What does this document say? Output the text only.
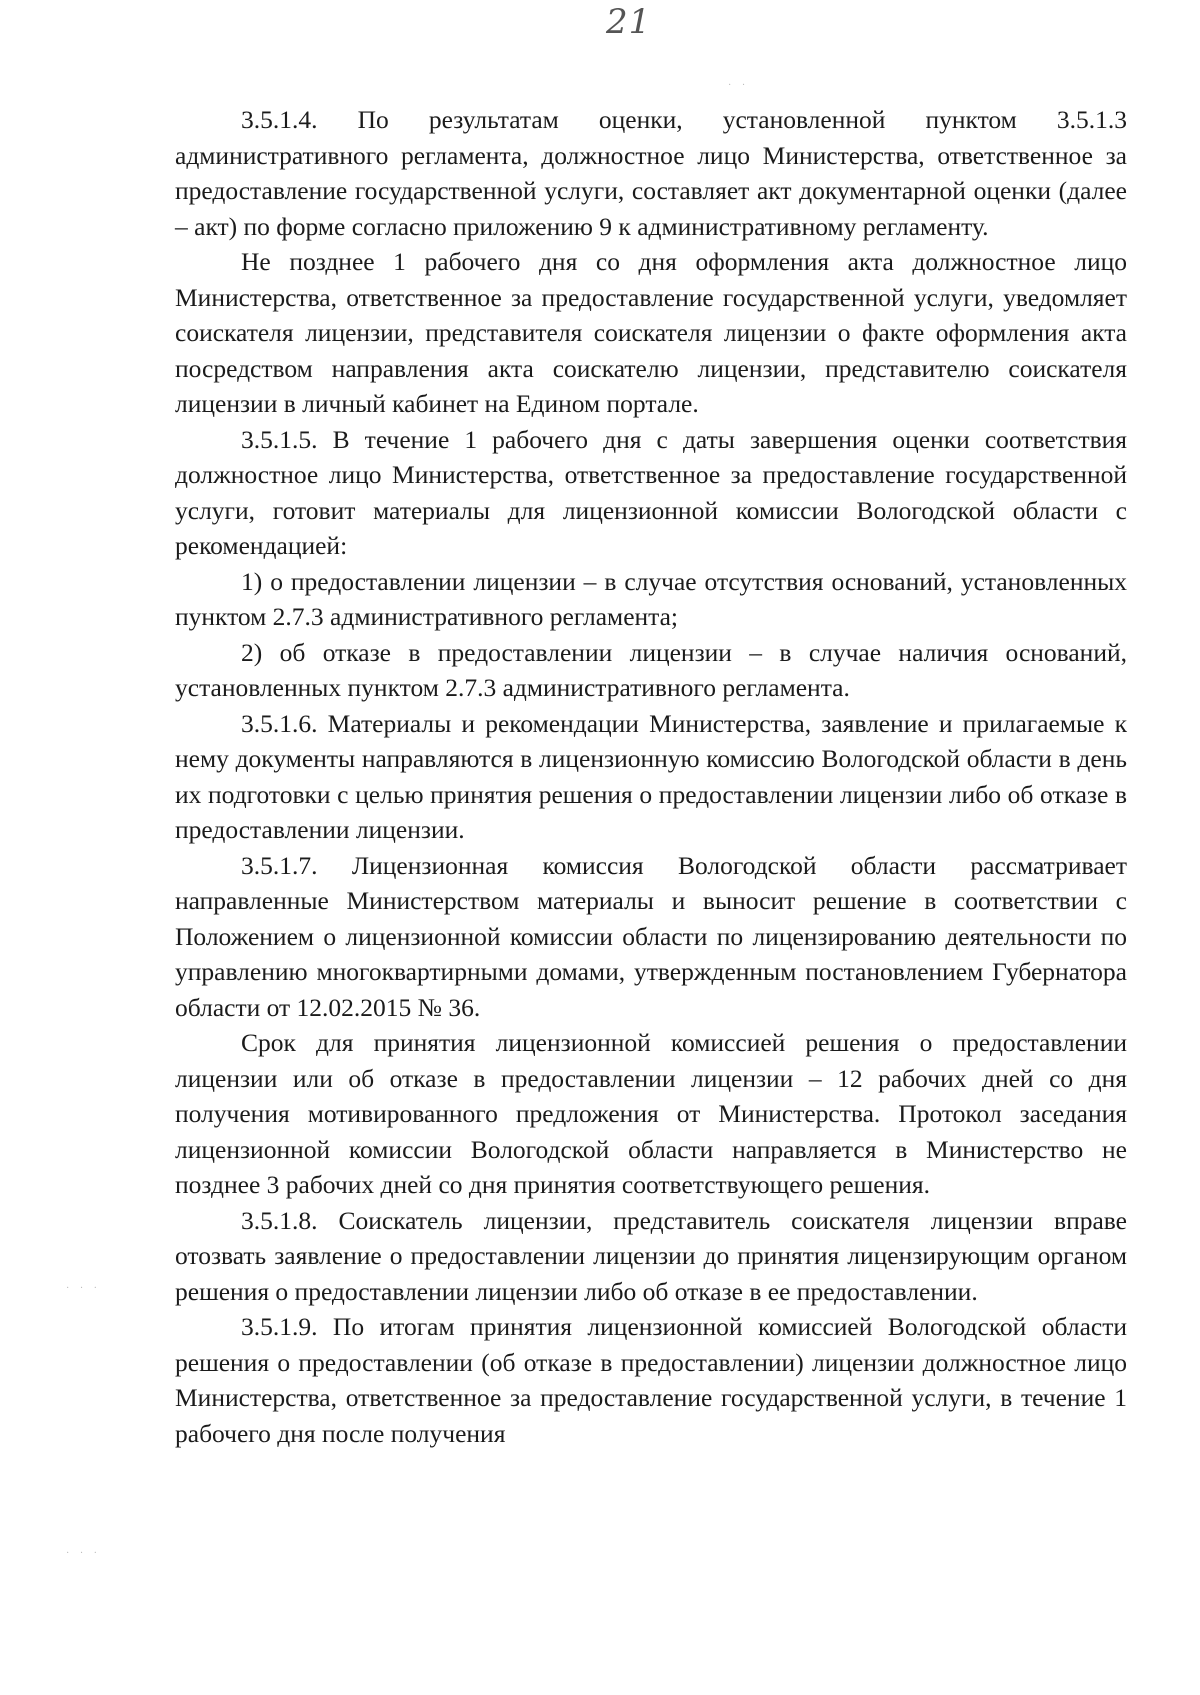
21

3.5.1.4. По результатам оценки, установленной пунктом 3.5.1.3 административного регламента, должностное лицо Министерства, ответственное за предоставление государственной услуги, составляет акт документарной оценки (далее – акт) по форме согласно приложению 9 к административному регламенту.

Не позднее 1 рабочего дня со дня оформления акта должностное лицо Министерства, ответственное за предоставление государственной услуги, уведомляет соискателя лицензии, представителя соискателя лицензии о факте оформления акта посредством направления акта соискателю лицензии, представителю соискателя лицензии в личный кабинет на Едином портале.

3.5.1.5. В течение 1 рабочего дня с даты завершения оценки соответствия должностное лицо Министерства, ответственное за предоставление государственной услуги, готовит материалы для лицензионной комиссии Вологодской области с рекомендацией:

1) о предоставлении лицензии – в случае отсутствия оснований, установленных пунктом 2.7.3 административного регламента;

2) об отказе в предоставлении лицензии – в случае наличия оснований, установленных пунктом 2.7.3 административного регламента.

3.5.1.6. Материалы и рекомендации Министерства, заявление и прилагаемые к нему документы направляются в лицензионную комиссию Вологодской области в день их подготовки с целью принятия решения о предоставлении лицензии либо об отказе в предоставлении лицензии.

3.5.1.7. Лицензионная комиссия Вологодской области рассматривает направленные Министерством материалы и выносит решение в соответствии с Положением о лицензионной комиссии области по лицензированию деятельности по управлению многоквартирными домами, утвержденным постановлением Губернатора области от 12.02.2015 № 36.

Срок для принятия лицензионной комиссией решения о предоставлении лицензии или об отказе в предоставлении лицензии – 12 рабочих дней со дня получения мотивированного предложения от Министерства. Протокол заседания лицензионной комиссии Вологодской области направляется в Министерство не позднее 3 рабочих дней со дня принятия соответствующего решения.

3.5.1.8. Соискатель лицензии, представитель соискателя лицензии вправе отозвать заявление о предоставлении лицензии до принятия лицензирующим органом решения о предоставлении лицензии либо об отказе в ее предоставлении.

3.5.1.9. По итогам принятия лицензионной комиссией Вологодской области решения о предоставлении (об отказе в предоставлении) лицензии должностное лицо Министерства, ответственное за предоставление государственной услуги, в течение 1 рабочего дня после получения

· ·
· · ·
· · ·
